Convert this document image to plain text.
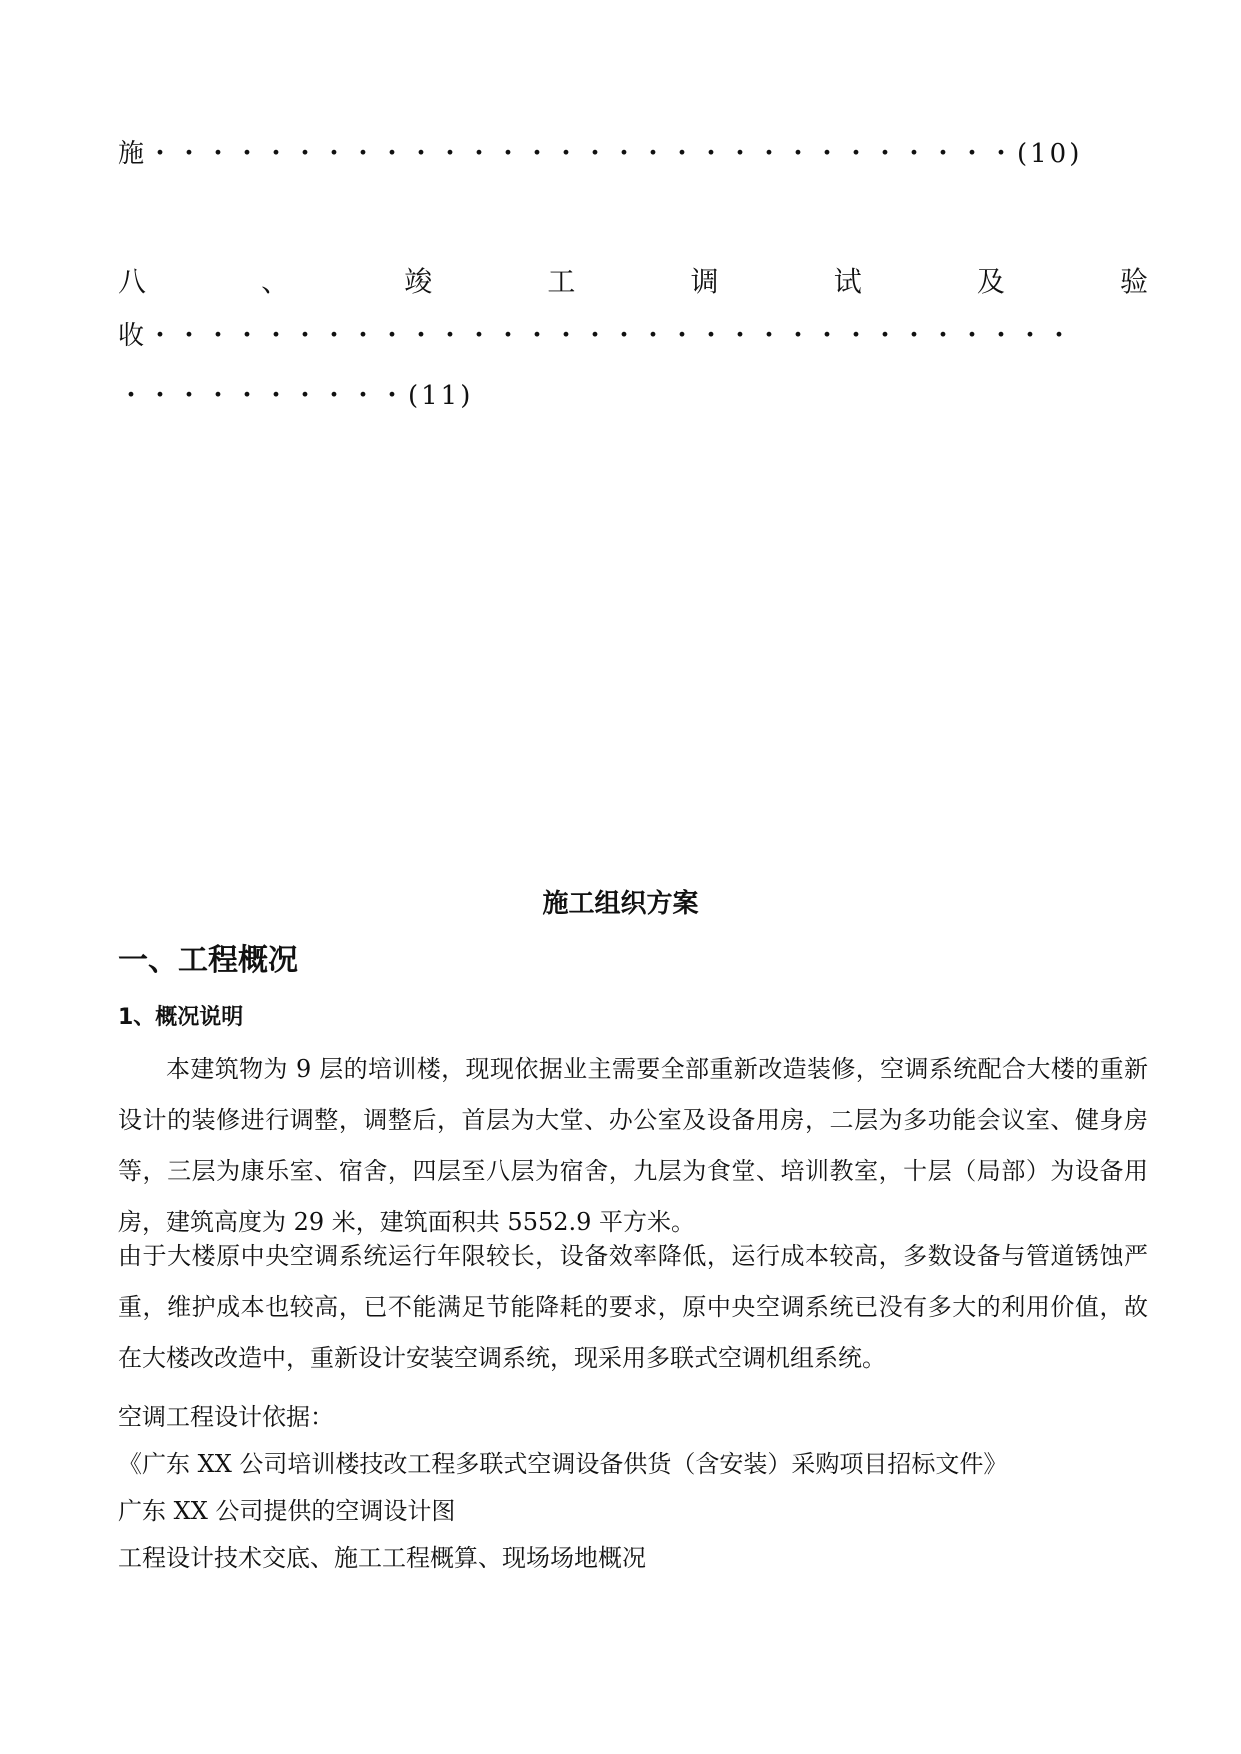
施・・・・・・・・・・・・・・・・・・・・・・・・・・・・・・(10)
八	、	竣	工	调	试	及	验
收・・・・・・・・・・・・・・・・・・・・・・・・・・・・・・・・
・・・・・・・・・・(11)
施工组织方案
一、工程概况
1、概况说明
本建筑物为 9 层的培训楼，现现依据业主需要全部重新改造装修，空调系统配合大楼的重新设计的装修进行调整，调整后，首层为大堂、办公室及设备用房，二层为多功能会议室、健身房等，三层为康乐室、宿舍，四层至八层为宿舍，九层为食堂、培训教室，十层（局部）为设备用房，建筑高度为 29 米，建筑面积共 5552.9 平方米。
由于大楼原中央空调系统运行年限较长，设备效率降低，运行成本较高，多数设备与管道锈蚀严重，维护成本也较高，已不能满足节能降耗的要求，原中央空调系统已没有多大的利用价值，故在大楼改改造中，重新设计安装空调系统，现采用多联式空调机组系统。
空调工程设计依据：
《广东 XX 公司培训楼技改工程多联式空调设备供货（含安装）采购项目招标文件》
广东 XX 公司提供的空调设计图
工程设计技术交底、施工工程概算、现场场地概况
